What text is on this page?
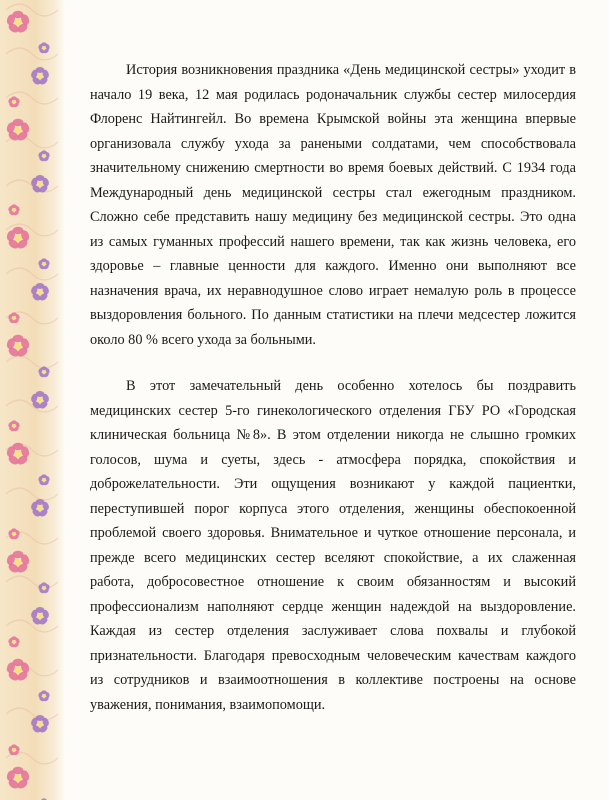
История возникновения праздника «День медицинской сестры» уходит в начало 19 века, 12 мая родилась родоначальник службы сестер милосердия Флоренс Найтингейл. Во времена Крымской войны эта женщина впервые организовала службу ухода за ранеными солдатами, чем способствовала значительному снижению смертности во время боевых действий. С 1934 года Международный день медицинской сестры стал ежегодным праздником. Сложно себе представить нашу медицину без медицинской сестры. Это одна из самых гуманных профессий нашего времени, так как жизнь человека, его здоровье – главные ценности для каждого. Именно они выполняют все назначения врача, их неравнодушное слово играет немалую роль в процессе выздоровления больного. По данным статистики на плечи медсестер ложится около 80 % всего ухода за больными.

В этот замечательный день особенно хотелось бы поздравить медицинских сестер 5-го гинекологического отделения ГБУ РО «Городская клиническая больница №8». В этом отделении никогда не слышно громких голосов, шума и суеты, здесь - атмосфера порядка, спокойствия и доброжелательности. Эти ощущения возникают у каждой пациентки, переступившей порог корпуса этого отделения, женщины обеспокоенной проблемой своего здоровья. Внимательное и чуткое отношение персонала, и прежде всего медицинских сестер вселяют спокойствие, а их слаженная работа, добросовестное отношение к своим обязанностям и высокий профессионализм наполняют сердце женщин надеждой на выздоровление. Каждая из сестер отделения заслуживает слова похвалы и глубокой признательности. Благодаря превосходным человеческим качествам каждого из сотрудников и взаимоотношения в коллективе построены на основе уважения, понимания, взаимопомощи.
